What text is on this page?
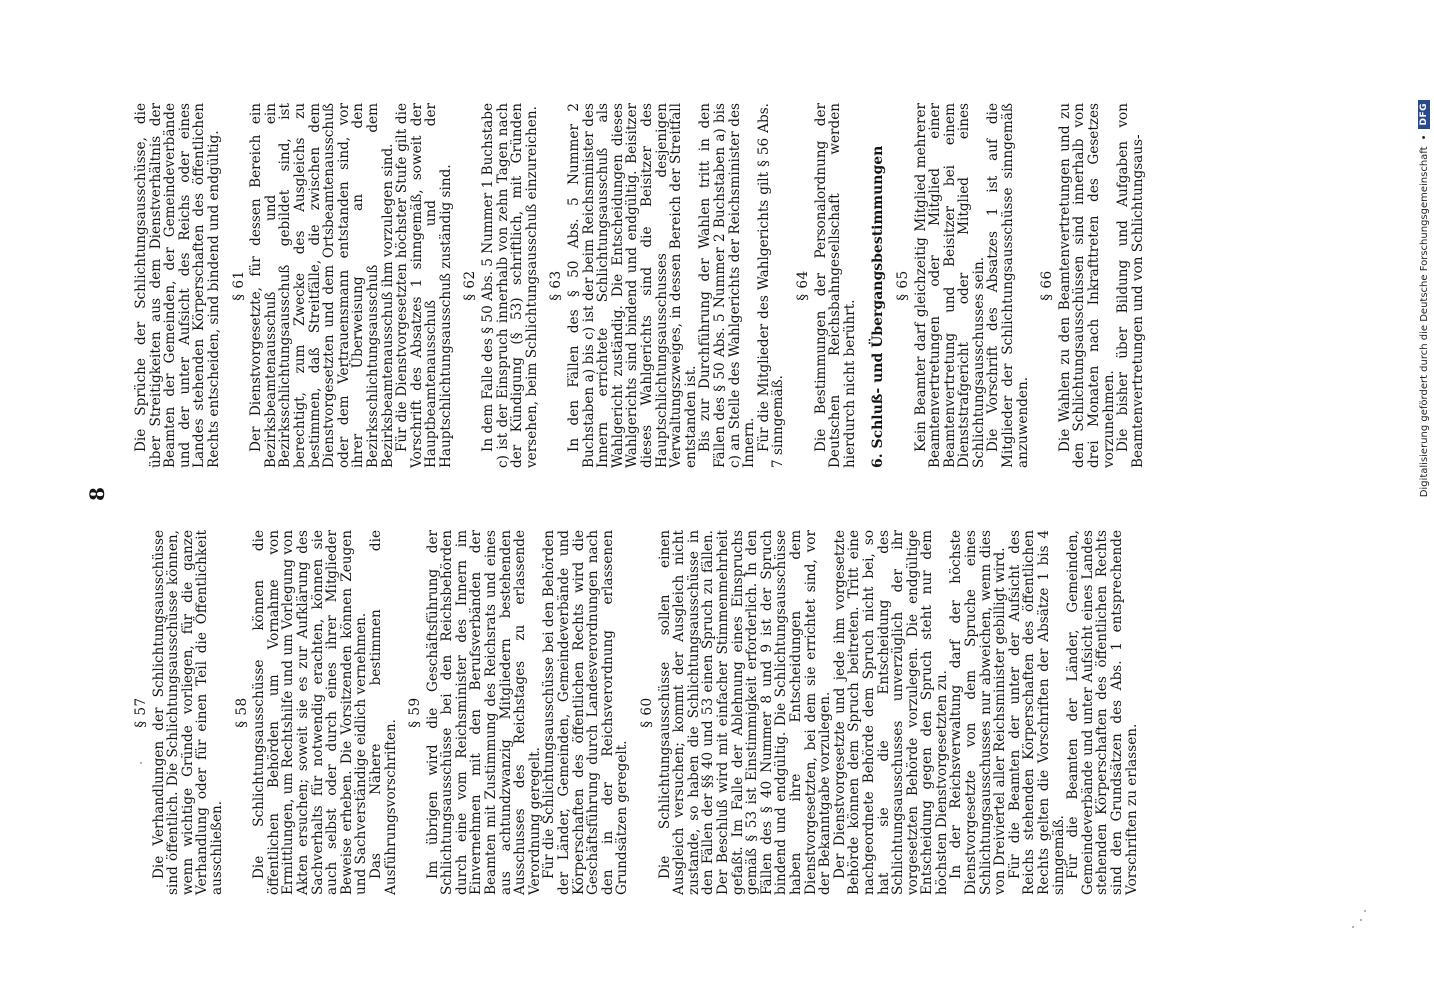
8
§ 57 Die Verhandlungen der Schlichtungsausschüsse sind öffentlich. Die Schlichtungsausschüsse können, wenn wichtige Gründe vorliegen, für die ganze Verhandlung oder für einen Teil die Öffentlichkeit ausschließen.
§ 58 Die Schlichtungsausschüsse können die öffentlichen Behörden um Vornahme von Ermittlungen, um Rechtshilfe und um Vorlegung von Akten ersuchen; soweit sie es zur Aufklärung des Sachverhalts für notwendig erachten, können sie auch selbst oder durch eines ihrer Mitglieder Beweise erheben. Die Vorsitzenden können Zeugen und Sachverständige eidlich vernehmen.
Das Nähere bestimmen die Ausführungsvorschriften.
§ 59 Im übrigen wird die Geschäftsführung der Schlichtungsausschüsse bei den Reichsbehörden durch eine vom Reichsminister des Innern im Einvernehmen mit den Berufsverbänden der Beamten mit Zustimmung des Reichsrats und eines aus achtundzwanzig Mitgliedern bestehenden Ausschusses des Reichstages zu erlassende Verordnung geregelt.
Für die Schlichtungsausschüsse bei den Behörden der Länder, Gemeinden, Gemeindeverbände und Körperschaften des öffentlichen Rechts wird die Geschäftsführung durch Landesverordnungen nach den in der Reichsverordnung erlassenen Grundsätzen geregelt.
§ 60 Die Schlichtungsausschüsse sollen einen Ausgleich versuchen; kommt der Ausgleich nicht zustande, so haben die Schlichtungsausschüsse in den Fällen der §§ 40 und 53 einen Spruch zu fällen. Der Beschluß wird mit einfacher Stimmenmehrheit gefaßt. Im Falle der Ablehnung eines Einspruchs gemäß § 53 ist Einstimmigkeit erforderlich. In den Fällen des § 40 Nummer 8 und 9 ist der Spruch bindend und endgültig. Die Schlichtungsausschüsse haben ihre Entscheidungen dem Dienstvorgesetzten, bei dem sie errichtet sind, vor der Bekanntgabe vorzulegen.
Der Dienstvorgesetzte und jede ihm vorgesetzte Behörde können dem Spruch beitreten. Tritt eine nachgeordnete Behörde dem Spruch nicht bei, so hat sie die Entscheidung des Schlichtungsausschusses unverzüglich der ihr vorgesetzten Behörde vorzulegen. Die endgültige Entscheidung gegen den Spruch steht nur dem höchsten Dienstvorgesetzten zu.
In der Reichsverwaltung darf der höchste Dienstvorgesetzte von dem Spruche eines Schlichtungsausschusses nur abweichen, wenn dies von Dreiviertel aller Reichsminister gebilligt wird.
Für die Beamten der unter der Aufsicht des Reichs stehenden Körperschaften des öffentlichen Rechts gelten die Vorschriften der Absätze 1 bis 4 sinngemäß.
Für die Beamten der Länder, Gemeinden, Gemeindeverbände und unter Aufsicht eines Landes stehenden Körperschaften des öffentlichen Rechts sind den Grundsätzen des Abs. 1 entsprechende Vorschriften zu erlassen.
Die Sprüche der Schlichtungsausschüsse, die über Streitigkeiten aus dem Dienstverhältnis der Beamten der Gemeinden, der Gemeindeverbände und der unter Aufsicht des Reichs oder eines Landes stehenden Körperschaften des öffentlichen Rechts entscheiden, sind bindend und endgültig. § 61 Der Dienstvorgesetzte, für dessen Bereich ein Bezirksbeamtenausschuß und ein Bezirksschlichtungsausschuß gebildet sind, ist berechtigt, zum Zwecke des Ausgleichs zu bestimmen, daß Streitfälle, die zwischen dem Dienstvorgesetzten und dem Ortsbeamtenausschuß oder dem Vertrauensmann entstanden sind, vor ihrer Überweisung an den Bezirksschlichtungsausschuß dem Bezirksbeamtenausschuß ihm vorzulegen sind.
Für die Dienstvorgesetzten höchster Stufe gilt die Vorschrift des Absatzes 1 sinngemäß, soweit der Hauptbeamtenausschuß und der Hauptschlichtungsausschuß zuständig sind. § 62 In dem Falle des § 50 Abs. 5 Nummer 1 Buchstabe c) ist der Einspruch innerhalb von zehn Tagen nach der Kündigung (§ 53) schriftlich, mit Gründen versehen, beim Schlichtungsausschuß einzureichen. § 63 In den Fällen des § 50 Abs. 5 Nummer 2 Buchstaben a) bis c) ist der beim Reichsminister des Innern errichtete Schlichtungsausschuß als Wahlgericht zuständig. Die Entscheidungen dieses Wahlgerichts sind bindend und endgültig. Beisitzer dieses Wahlgerichts sind die Beisitzer des Hauptschlichtungsausschusses desjenigen Verwaltungszweiges, in dessen Bereich der Streitfall entstanden ist.
Bis zur Durchführung der Wahlen tritt in den Fällen des § 50 Abs. 5 Nummer 2 Buchstaben a) bis c) an Stelle des Wahlgerichts der Reichsminister des Innern.
Für die Mitglieder des Wahlgerichts gilt § 56 Abs. 7 sinngemäß.
§ 64 Die Bestimmungen der Personalordnung der Deutschen Reichsbahngesellschaft werden hierdurch nicht berührt. 6. Schluß- und Übergangsbestimmungen § 65 Kein Beamter darf gleichzeitig Mitglied mehrerer Beamtenvertretungen oder Mitglied einer Beamtenvertretung und Beisitzer bei einem Dienststrafgericht oder Mitglied eines Schlichtungsausschusses sein.
Die Vorschrift des Absatzes 1 ist auf die Mitglieder der Schlichtungsausschüsse sinngemäß anzuwenden.
§ 66 Die Wahlen zu den Beamtenvertretungen und zu den Schlichtungsausschüssen sind innerhalb von drei Monaten nach Inkrafttreten des Gesetzes vorzunehmen.
Die bisher über Bildung und Aufgaben von Beamtenvertretungen und von Schlichtungsaus-	Digitalisierung gefördert durch die Deutsche Forschungsgemeinschaft
•
DFG
